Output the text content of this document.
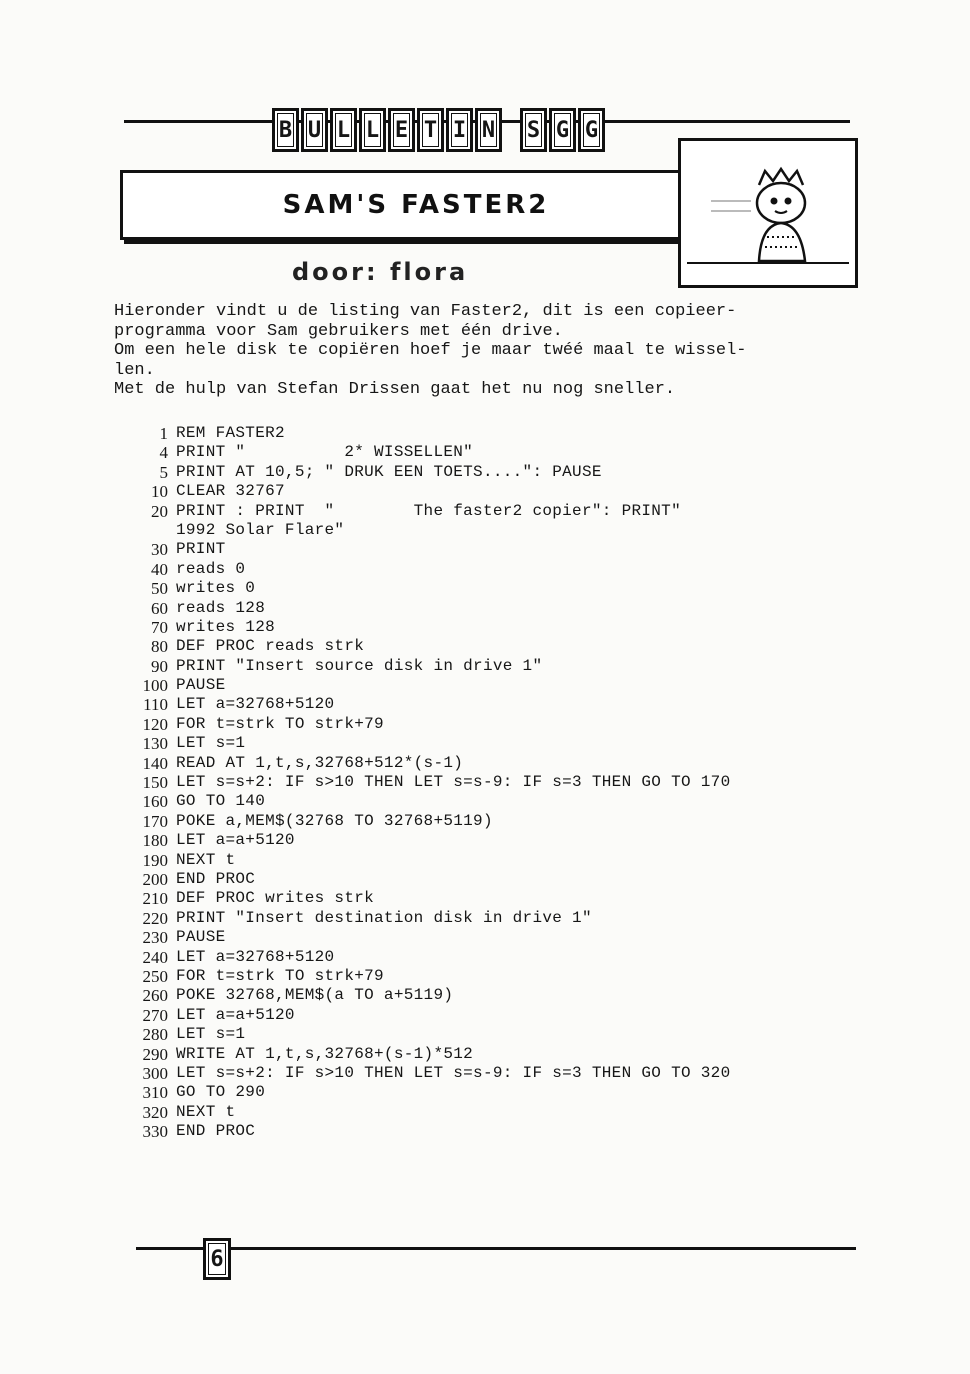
B U L L E T I N	S G G
SAM'S FASTER2
door: flora
Hieronder vindt u de listing van Faster2, dit is een copieer-
programma voor Sam gebruikers met één drive.
Om een hele disk te copiëren hoef je maar twéé maal te wissel-
len.
Met de hulp van Stefan Drissen gaat het nu nog sneller.
1 REM FASTER2
4 PRINT "          2* WISSELLEN"
5 PRINT AT 10,5; " DRUK EEN TOETS....": PAUSE
10 CLEAR 32767
20 PRINT : PRINT  "        The faster2 copier": PRINT"
1992 Solar Flare"
30 PRINT
40 reads 0
50 writes 0
60 reads 128
70 writes 128
80 DEF PROC reads strk
90 PRINT "Insert source disk in drive 1"
100 PAUSE
110 LET a=32768+5120
120 FOR t=strk TO strk+79
130 LET s=1
140 READ AT 1,t,s,32768+512*(s-1)
150 LET s=s+2: IF s>10 THEN LET s=s-9: IF s=3 THEN GO TO 170
160 GO TO 140
170 POKE a,MEM$(32768 TO 32768+5119)
180 LET a=a+5120
190 NEXT t
200 END PROC
210 DEF PROC writes strk
220 PRINT "Insert destination disk in drive 1"
230 PAUSE
240 LET a=32768+5120
250 FOR t=strk TO strk+79
260 POKE 32768,MEM$(a TO a+5119)
270 LET a=a+5120
280 LET s=1
290 WRITE AT 1,t,s,32768+(s-1)*512
300 LET s=s+2: IF s>10 THEN LET s=s-9: IF s=3 THEN GO TO 320
310 GO TO 290
320 NEXT t
330 END PROC
6
